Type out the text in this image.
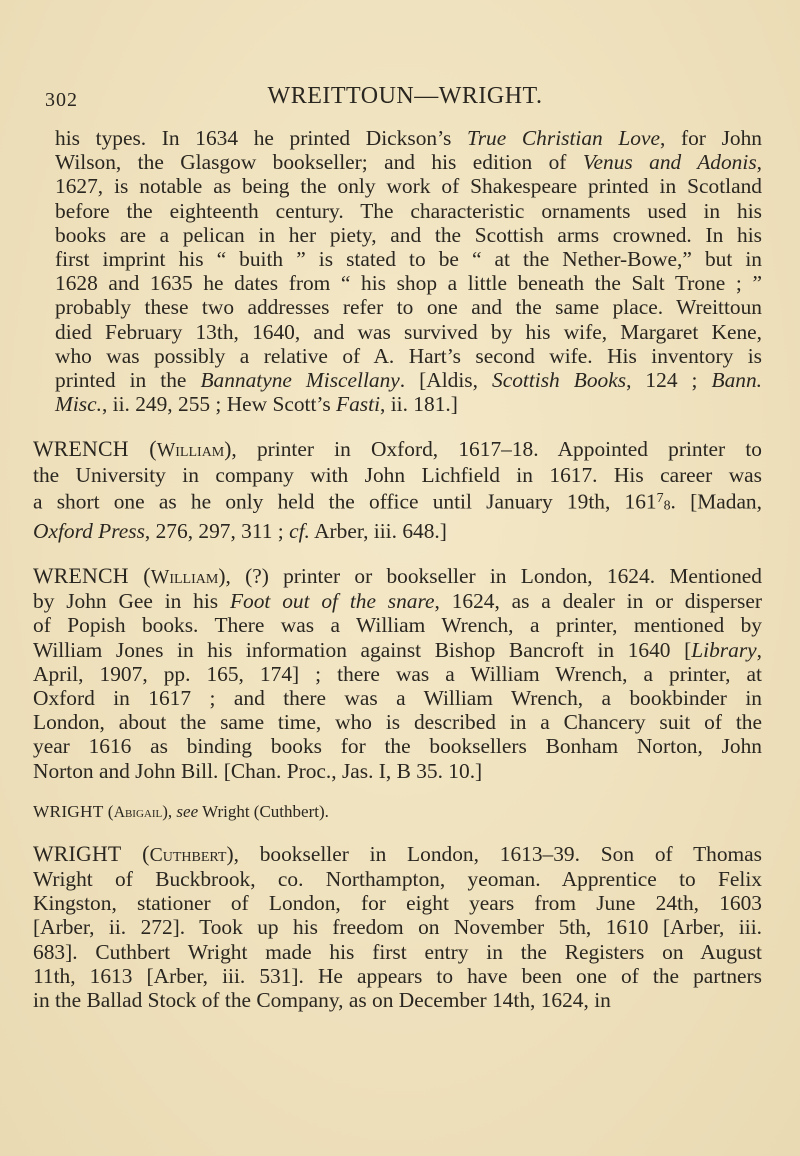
302	WREITTOUN—WRIGHT.
his types. In 1634 he printed Dickson’s True Christian Love, for John
Wilson, the Glasgow bookseller; and his edition of Venus and Adonis,
1627, is notable as being the only work of Shakespeare printed in Scotland
before the eighteenth century. The characteristic ornaments used in his
books are a pelican in her piety, and the Scottish arms crowned. In his
first imprint his “ buith ” is stated to be “ at the Nether-Bowe,” but in
1628 and 1635 he dates from “ his shop a little beneath the Salt Trone ; ”
probably these two addresses refer to one and the same place. Wreittoun
died February 13th, 1640, and was survived by his wife, Margaret Kene,
who was possibly a relative of A. Hart’s second wife. His inventory is
printed in the Bannatyne Miscellany. [Aldis, Scottish Books, 124 ; Bann.
Misc., ii. 249, 255 ; Hew Scott’s Fasti, ii. 181.]
WRENCH (William), printer in Oxford, 1617–18. Appointed printer to
the University in company with John Lichfield in 1617. His career was
a short one as he only held the office until January 19th, $161^7_8$. [Madan,
Oxford Press, 276, 297, 311 ; cf. Arber, iii. 648.]
WRENCH (William), (?) printer or bookseller in London, 1624. Mentioned
by John Gee in his Foot out of the snare, 1624, as a dealer in or disperser
of Popish books. There was a William Wrench, a printer, mentioned by
William Jones in his information against Bishop Bancroft in 1640 [Library,
April, 1907, pp. 165, 174] ; there was a William Wrench, a printer, at
Oxford in 1617 ; and there was a William Wrench, a bookbinder in
London, about the same time, who is described in a Chancery suit of the
year 1616 as binding books for the booksellers Bonham Norton, John
Norton and John Bill. [Chan. Proc., Jas. I, B 35. 10.]
WRIGHT (Abigail), see Wright (Cuthbert).
WRIGHT (Cuthbert), bookseller in London, 1613–39. Son of Thomas
Wright of Buckbrook, co. Northampton, yeoman. Apprentice to Felix
Kingston, stationer of London, for eight years from June 24th, 1603
[Arber, ii. 272]. Took up his freedom on November 5th, 1610 [Arber, iii.
683]. Cuthbert Wright made his first entry in the Registers on August
11th, 1613 [Arber, iii. 531]. He appears to have been one of the partners
in the Ballad Stock of the Company, as on December 14th, 1624, in
